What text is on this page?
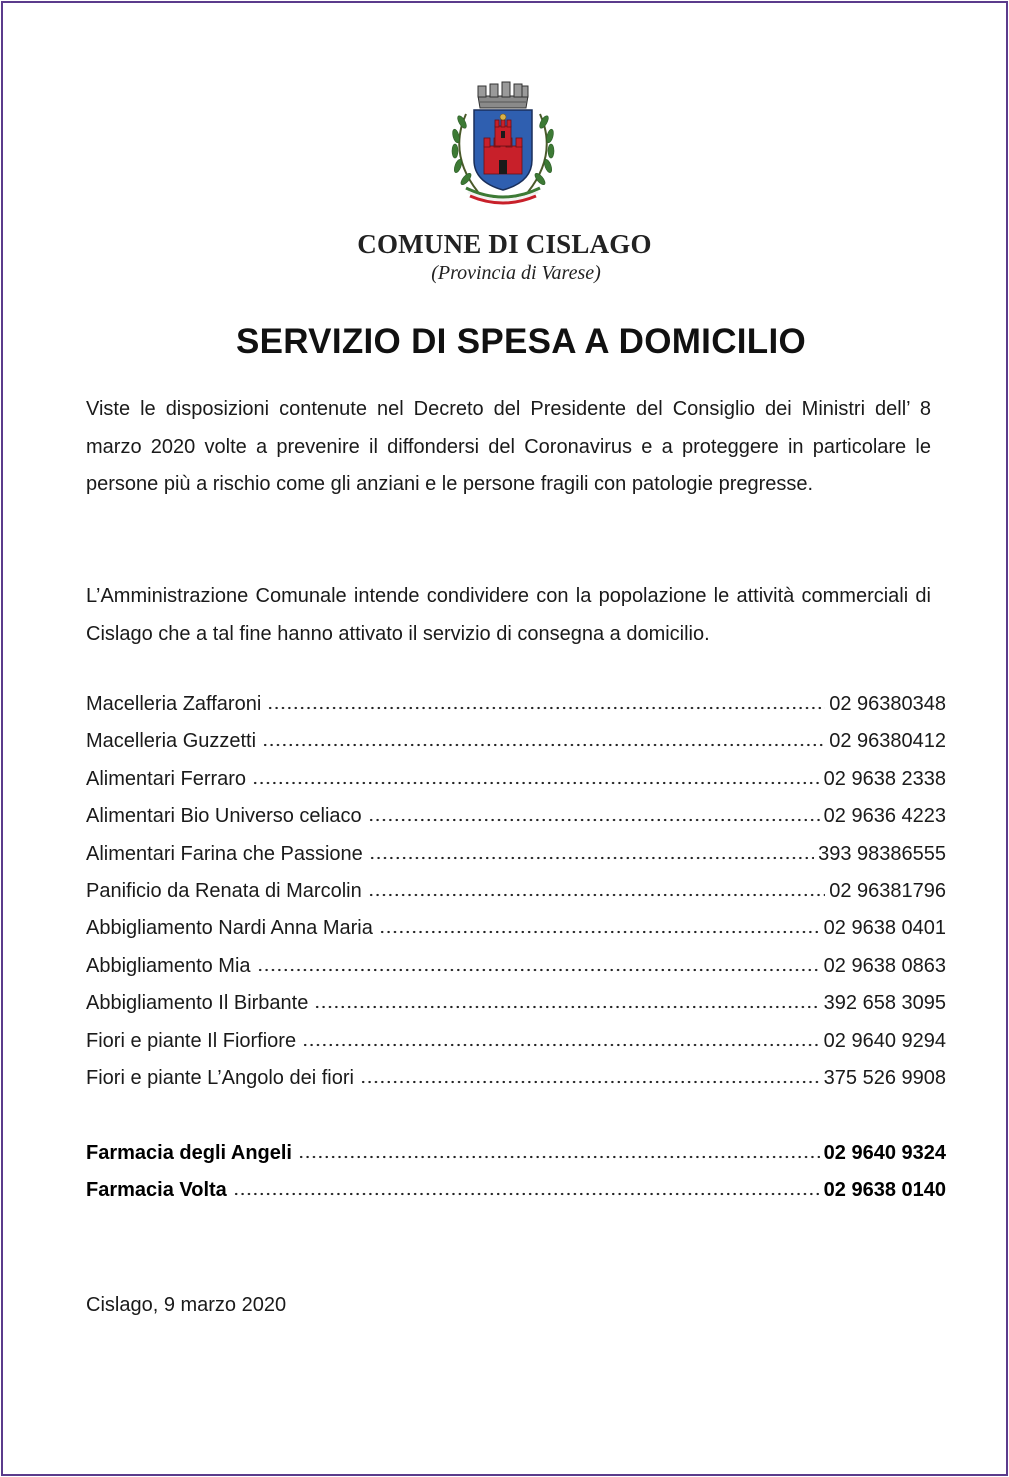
COMUNE DI CISLAGO
(Provincia di Varese)
SERVIZIO DI SPESA A DOMICILIO
Viste le disposizioni contenute nel Decreto del Presidente del Consiglio dei Ministri dell’ 8 marzo 2020 volte a prevenire il diffondersi del Coronavirus e a proteggere in particolare le persone più a rischio come gli anziani e le persone fragili con patologie pregresse.
L’Amministrazione Comunale intende condividere con la popolazione le attività commerciali di Cislago che a tal fine hanno attivato il servizio di consegna a domicilio.
Macelleria Zaffaroni	02 96380348
Macelleria Guzzetti	02 96380412
Alimentari Ferraro	02 9638 2338
Alimentari Bio Universo celiaco	02 9636 4223
Alimentari Farina che Passione	393 98386555
Panificio da Renata di Marcolin	02 96381796
Abbigliamento Nardi Anna Maria	02 9638 0401
Abbigliamento Mia	02 9638 0863
Abbigliamento Il Birbante	392 658 3095
Fiori e piante Il Fiorfiore	02 9640 9294
Fiori e piante L’Angolo dei fiori	375 526 9908
Farmacia degli Angeli	02 9640 9324
Farmacia Volta	02 9638 0140
Cislago, 9 marzo 2020
